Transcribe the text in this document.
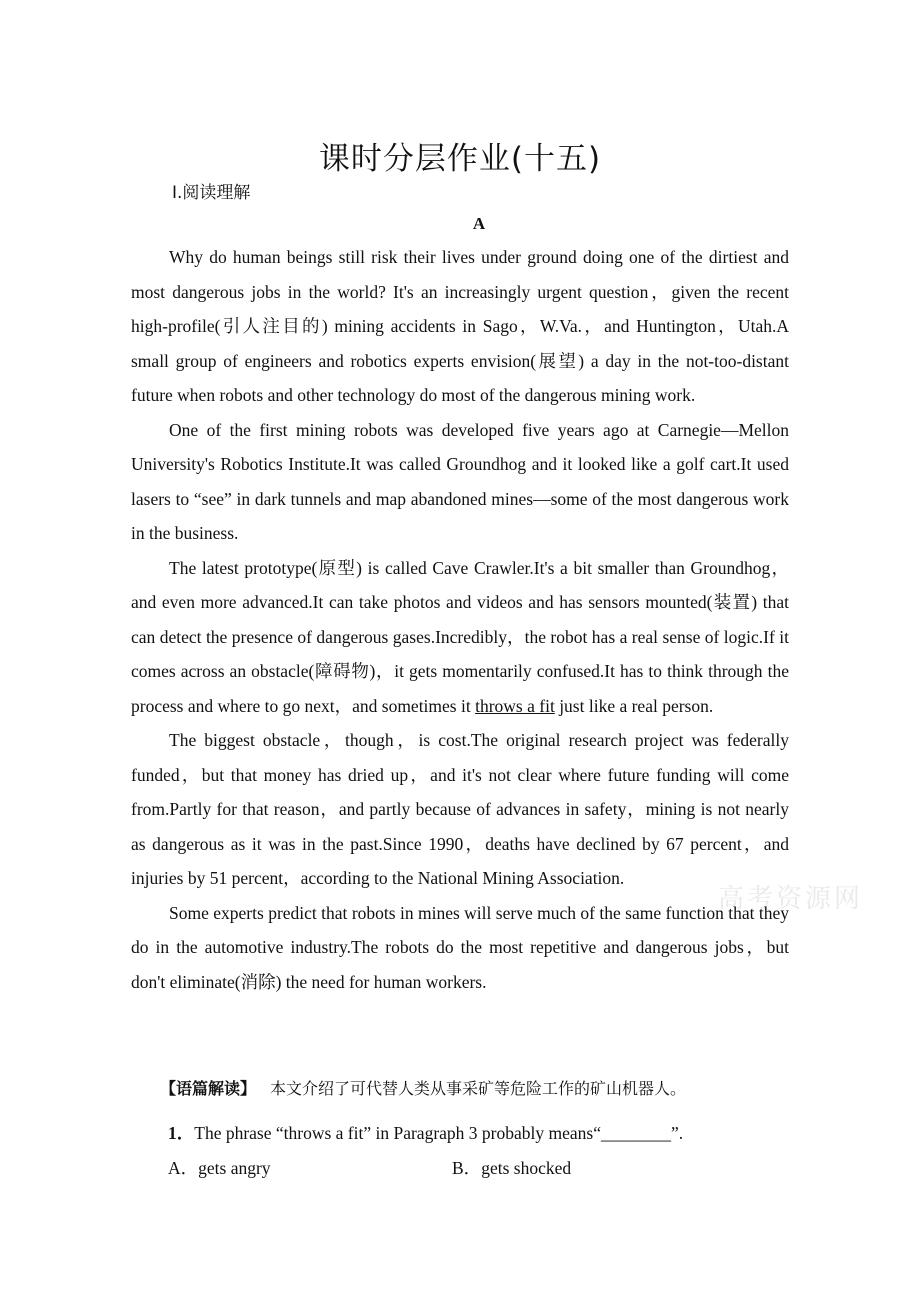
高考资源网
课时分层作业(十五)
Ⅰ.阅读理解
A

Why do human beings still risk their lives under ground doing one of the dirtiest and most dangerous jobs in the world? It's an increasingly urgent question，given the recent high-profile(引人注目的) mining accidents in Sago，W.Va.，and Huntington，Utah.A small group of engineers and robotics experts envision(展望) a day in the not-too-distant future when robots and other technology do most of the dangerous mining work.

One of the first mining robots was developed five years ago at Carnegie—Mellon University's Robotics Institute.It was called Groundhog and it looked like a golf cart.It used lasers to “see” in dark tunnels and map abandoned mines—some of the most dangerous work in the business.

The latest prototype(原型) is called Cave Crawler.It's a bit smaller than Groundhog，and even more advanced.It can take photos and videos and has sensors mounted(装置) that can detect the presence of dangerous gases.Incredibly，the robot has a real sense of logic.If it comes across an obstacle(障碍物)，it gets momentarily confused.It has to think through the process and where to go next，and sometimes it throws a fit just like a real person.

The biggest obstacle，though，is cost.The original research project was federally funded，but that money has dried up，and it's not clear where future funding will come from.Partly for that reason，and partly because of advances in safety，mining is not nearly as dangerous as it was in the past.Since 1990，deaths have declined by 67 percent，and injuries by 51 percent，according to the National Mining Association.

Some experts predict that robots in mines will serve much of the same function that they do in the automotive industry.The robots do the most repetitive and dangerous jobs，but don't eliminate(消除) the need for human workers.

【语篇解读】 本文介绍了可代替人类从事采矿等危险工作的矿山机器人。
1．The phrase “throws a fit” in Paragraph 3 probably means“________”.
A．gets angry	B．gets shocked
